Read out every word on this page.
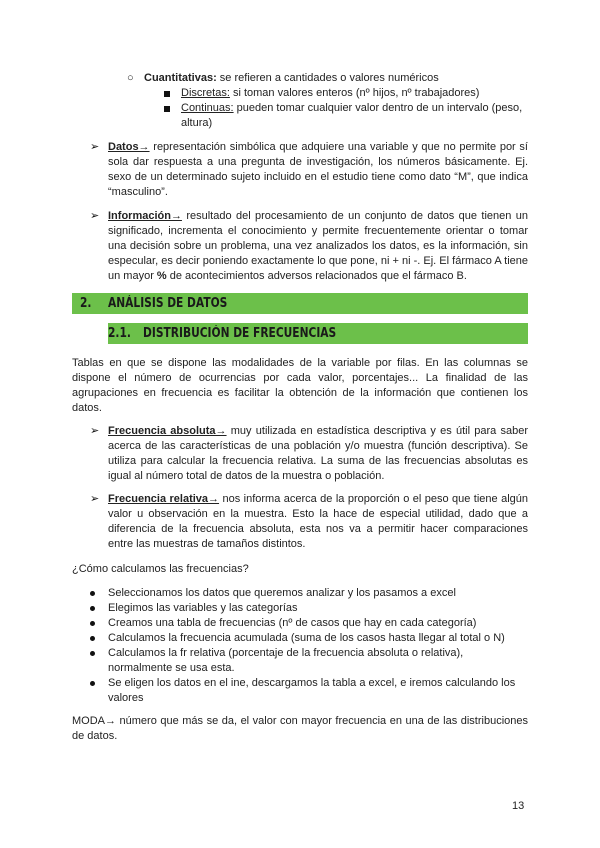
○ Cuantitativas: se refieren a cantidades o valores numéricos

Discretas: si toman valores enteros (nº hijos, nº trabajadores)

Continuas: pueden tomar cualquier valor dentro de un intervalo (peso,

altura)

➢ Datos→ representación simbólica que adquiere una variable y que no permite por sí sola dar respuesta a una pregunta de investigación, los números básicamente. Ej. sexo de un determinado sujeto incluido en el estudio tiene como dato “M”, que indica “masculino”.

➢ Información→ resultado del procesamiento de un conjunto de datos que tienen un significado, incrementa el conocimiento y permite frecuentemente orientar o tomar una decisión sobre un problema, una vez analizados los datos, es la información, sin especular, es decir poniendo exactamente lo que pone, ni + ni -. Ej. El fármaco A tiene un mayor % de acontecimientos adversos relacionados que el fármaco B.

2. ANÁLISIS DE DATOS
2.1. DISTRIBUCIÓN DE FRECUENCIAS

Tablas en que se dispone las modalidades de la variable por filas. En las columnas se dispone el número de ocurrencias por cada valor, porcentajes... La finalidad de las agrupaciones en frecuencia es facilitar la obtención de la información que contienen los datos.

➢ Frecuencia absoluta→ muy utilizada en estadística descriptiva y es útil para saber acerca de las características de una población y/o muestra (función descriptiva). Se utiliza para calcular la frecuencia relativa. La suma de las frecuencias absolutas es igual al número total de datos de la muestra o población.

➢ Frecuencia relativa→ nos informa acerca de la proporción o el peso que tiene algún valor u observación en la muestra. Esto la hace de especial utilidad, dado que a diferencia de la frecuencia absoluta, esta nos va a permitir hacer comparaciones entre las muestras de tamaños distintos.

¿Cómo calculamos las frecuencias?

Seleccionamos los datos que queremos analizar y los pasamos a excel

Elegimos las variables y las categorías

Creamos una tabla de frecuencias (nº de casos que hay en cada categoría)

Calculamos la frecuencia acumulada (suma de los casos hasta llegar al total o N)

Calculamos la fr relativa (porcentaje de la frecuencia absoluta o relativa), normalmente se usa esta.

Se eligen los datos en el ine, descargamos la tabla a excel, e iremos calculando los valores

MODA→ número que más se da, el valor con mayor frecuencia en una de las distribuciones de datos.

13
